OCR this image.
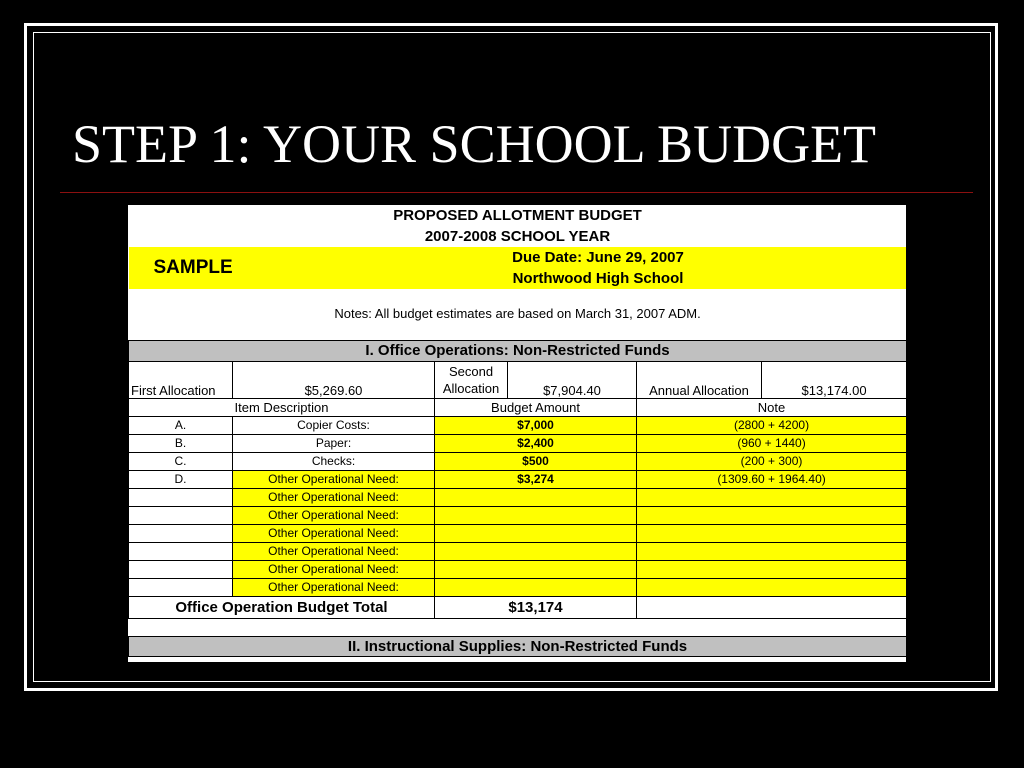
STEP 1: YOUR SCHOOL BUDGET
PROPOSED ALLOTMENT BUDGET					
2007-2008 SCHOOL YEAR					
SAMPLE		Due Date: June 29, 2007			
		Northwood High School			

Notes: All budget estimates are based on March 31, 2007 ADM.					

I. Office Operations: Non-Restricted Funds					
First Allocation	$5,269.60	Second
Allocation	$7,904.40	Annual Allocation	$13,174.00
Item Description		Budget Amount		Note	
A.	Copier Costs:	$7,000		(2800 + 4200)	
B.	Paper:	$2,400		(960 + 1440)	
C.	Checks:	$500		(200 + 300)	
D.	Other Operational Need:	$3,274		(1309.60 + 1964.40)	
	Other Operational Need:				
	Other Operational Need:				
	Other Operational Need:				
	Other Operational Need:				
	Other Operational Need:				
	Other Operational Need:				
Office Operation Budget Total		$13,174			

II. Instructional Supplies: Non-Restricted Funds					
